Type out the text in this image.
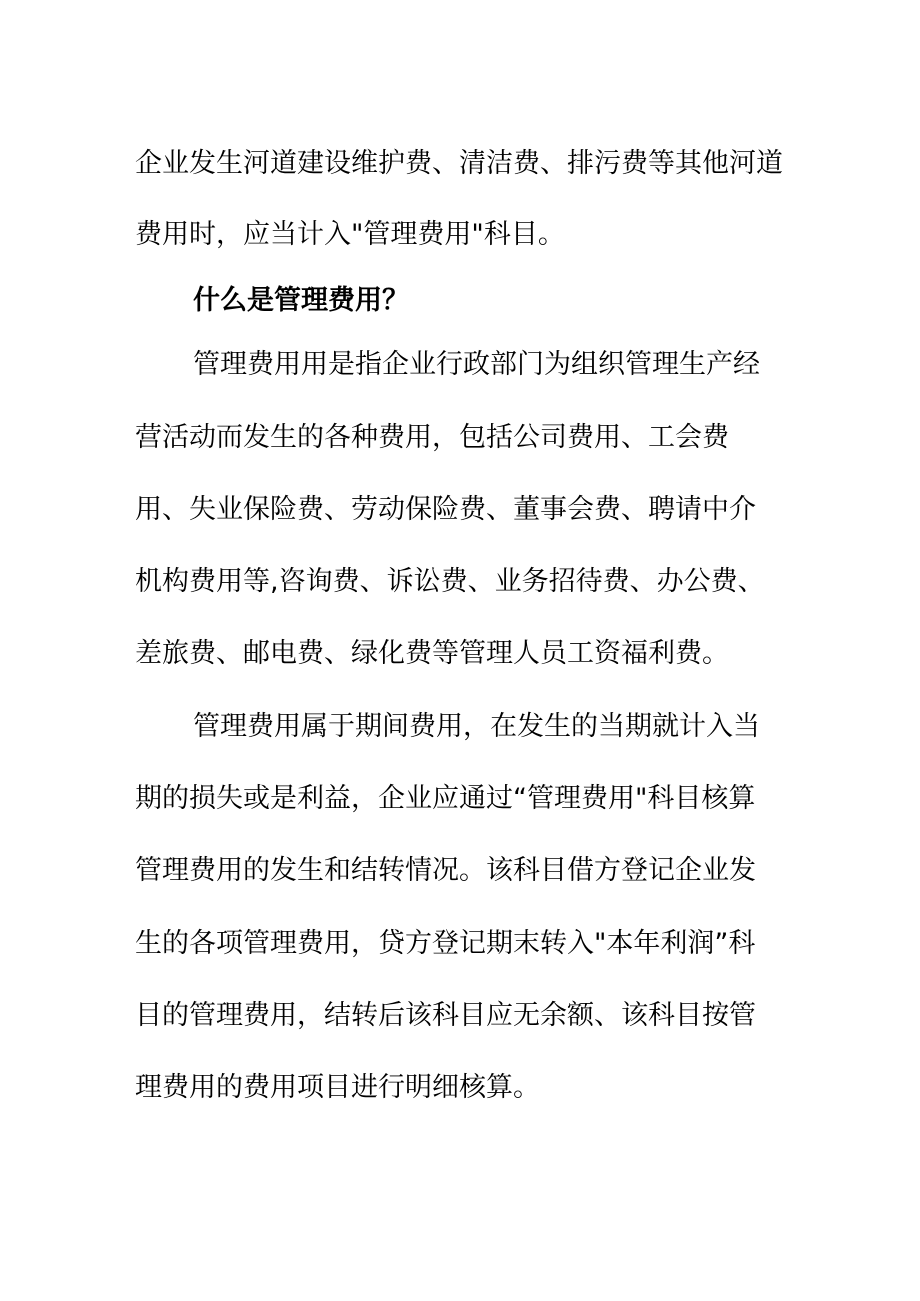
企业发生河道建设维护费、清洁费、排污费等其他河道
费用时，应当计入"管理费用"科目。
什么是管理费用？
管理费用用是指企业行政部门为组织管理生产经
营活动而发生的各种费用，包括公司费用、工会费
用、失业保险费、劳动保险费、董事会费、聘请中介
机构费用等,咨询费、诉讼费、业务招待费、办公费、
差旅费、邮电费、绿化费等管理人员工资福利费。
管理费用属于期间费用，在发生的当期就计入当
期的损失或是利益，企业应通过“管理费用"科目核算
管理费用的发生和结转情况。该科目借方登记企业发
生的各项管理费用，贷方登记期末转入"本年利润”科
目的管理费用，结转后该科目应无余额、该科目按管
理费用的费用项目进行明细核算。
